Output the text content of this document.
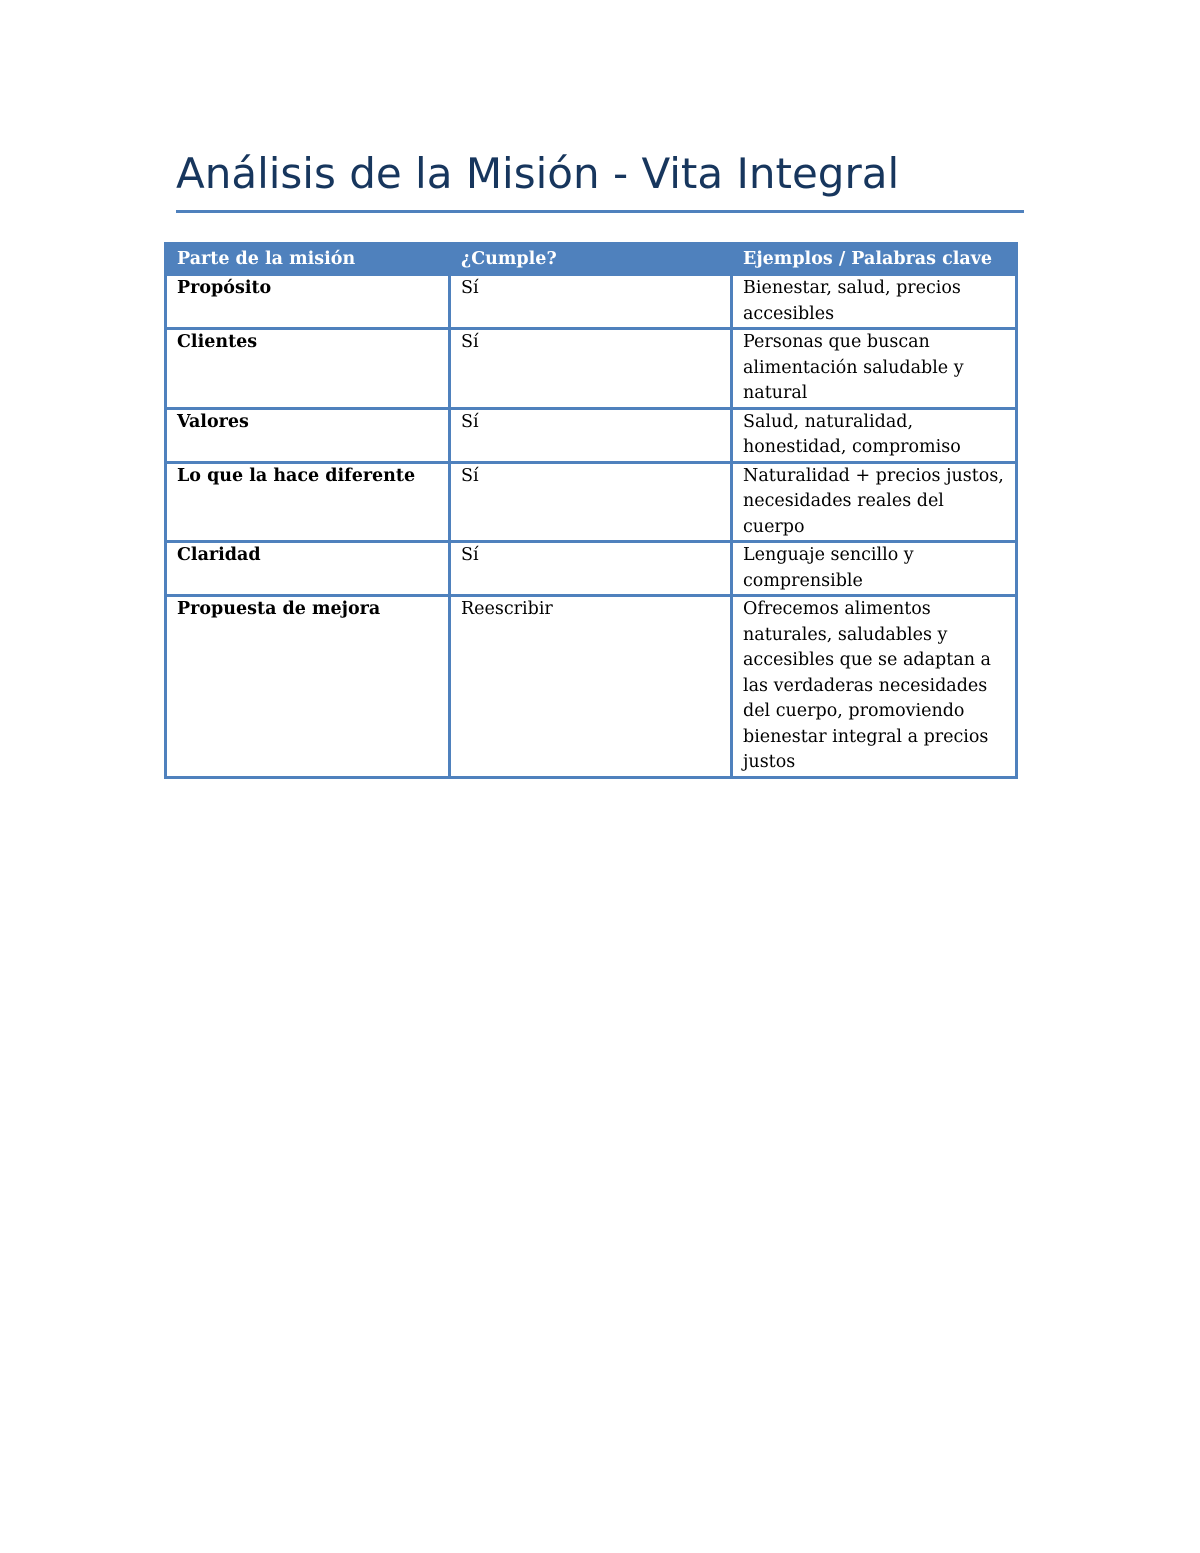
Análisis de la Misión - Vita Integral
Parte de la misión	¿Cumple?	Ejemplos / Palabras clave
Propósito	Sí	Bienestar, salud, precios accesibles
Clientes	Sí	Personas que buscan alimentación saludable y natural
Valores	Sí	Salud, naturalidad, honestidad, compromiso
Lo que la hace diferente	Sí	Naturalidad + precios justos, necesidades reales del cuerpo
Claridad	Sí	Lenguaje sencillo y comprensible
Propuesta de mejora	Reescribir	Ofrecemos alimentos naturales, saludables y accesibles que se adaptan a las verdaderas necesidades del cuerpo, promoviendo bienestar integral a precios justos
